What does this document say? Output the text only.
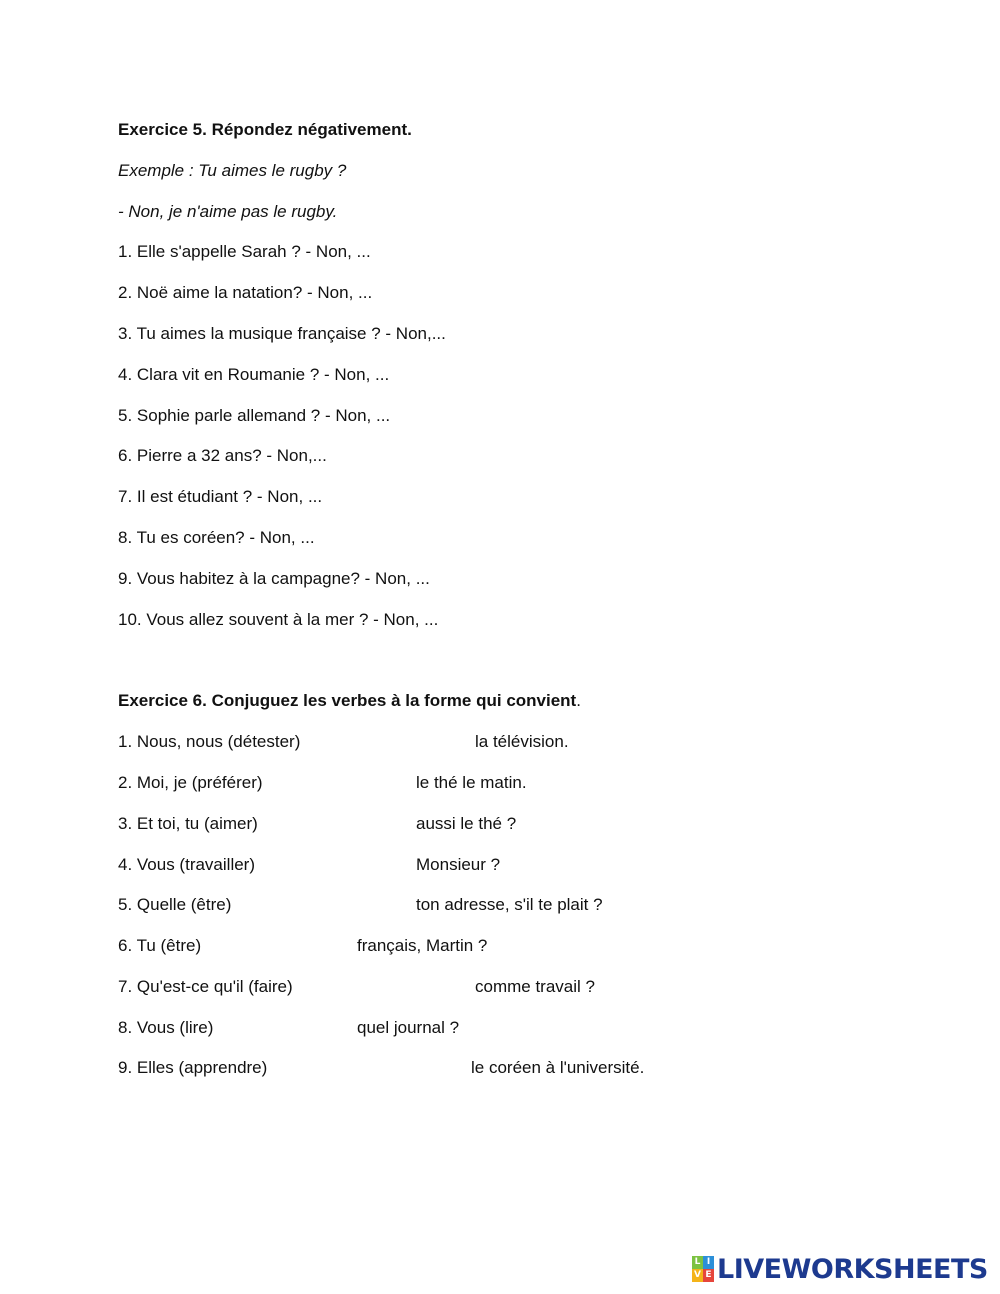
Exercice 5. Répondez négativement.
Exemple : Tu aimes le rugby ?
- Non, je n'aime pas le rugby.
1. Elle s'appelle Sarah ? - Non, ...
2. Noë aime la natation? - Non, ...
3. Tu aimes la musique française ? - Non,...
4. Clara vit en Roumanie ? - Non, ...
5. Sophie parle allemand ? - Non, ...
6. Pierre a 32 ans? - Non,...
7. Il est étudiant ? - Non, ...
8. Tu es coréen? - Non, ...
9. Vous habitez à la campagne? - Non, ...
10. Vous allez souvent à la mer ? - Non, ...
Exercice 6. Conjuguez les verbes à la forme qui convient.
1. Nous, nous (détester)	la télévision.
2. Moi, je (préférer)	le thé le matin.
3. Et toi, tu (aimer)	aussi le thé ?
4. Vous (travailler)	Monsieur ?
5. Quelle (être)	ton adresse, s'il te plait ?
6. Tu (être)	français, Martin ?
7. Qu'est-ce qu'il (faire)	comme travail ?
8. Vous (lire)	quel journal ?
9. Elles (apprendre)	le coréen à l'université.
L I
V E LIVEWORKSHEETS
